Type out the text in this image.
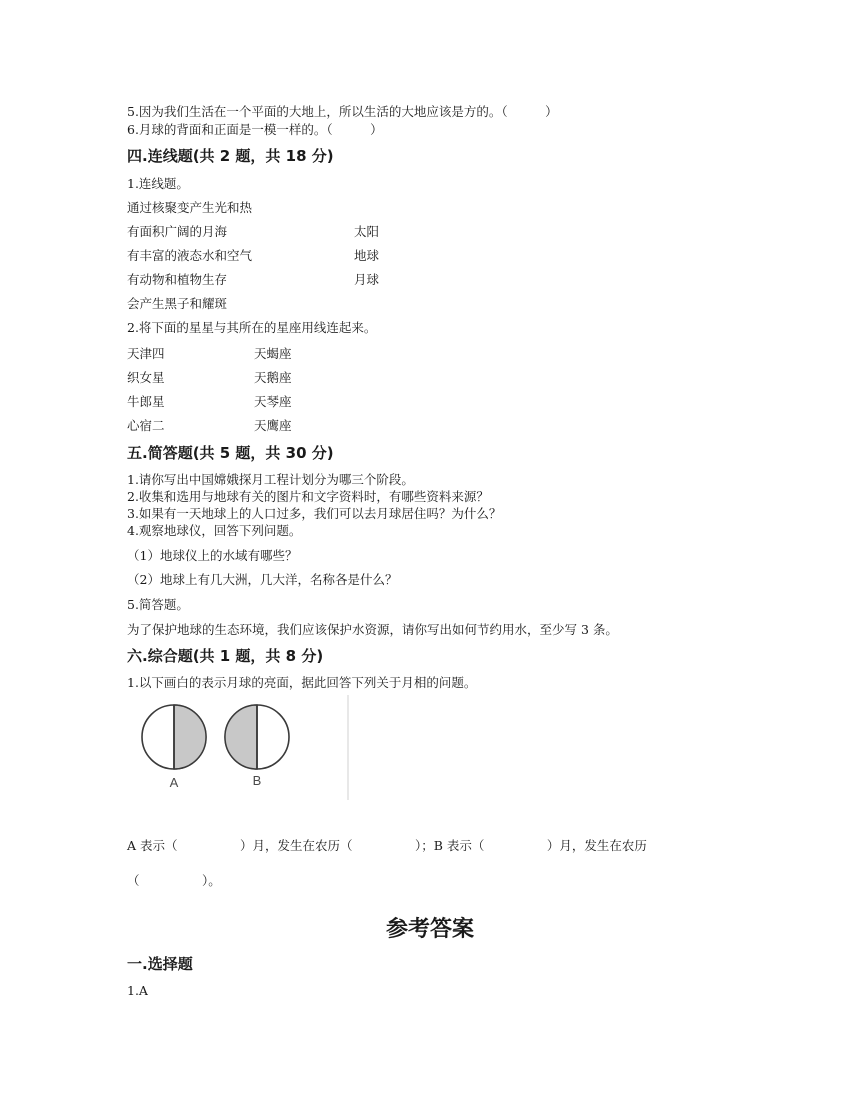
5.因为我们生活在一个平面的大地上，所以生活的大地应该是方的。（　　　）
6.月球的背面和正面是一模一样的。（　　　）
四.连线题(共 2 题，共 18 分)
1.连线题。
通过核聚变产生光和热
有面积广阔的月海
有丰富的液态水和空气
有动物和植物生存
会产生黑子和耀斑
太阳
地球
月球
2.将下面的星星与其所在的星座用线连起来。
天津四
织女星
牛郎星
心宿二
天蝎座
天鹅座
天琴座
天鹰座
五.简答题(共 5 题，共 30 分)
1.请你写出中国嫦娥探月工程计划分为哪三个阶段。
2.收集和选用与地球有关的图片和文字资料时，有哪些资料来源？
3.如果有一天地球上的人口过多，我们可以去月球居住吗？为什么？
4.观察地球仪，回答下列问题。
（1）地球仪上的水域有哪些？
（2）地球上有几大洲，几大洋，名称各是什么？
5.简答题。
为了保护地球的生态环境，我们应该保护水资源，请你写出如何节约用水，至少写 3 条。
六.综合题(共 1 题，共 8 分)
1.以下画白的表示月球的亮面，据此回答下列关于月相的问题。
A	B
A 表示（　　　　　）月，发生在农历（　　　　　）；B 表示（　　　　　）月，发生在农历
（　　　　　）。
参考答案
一.选择题
1.A
